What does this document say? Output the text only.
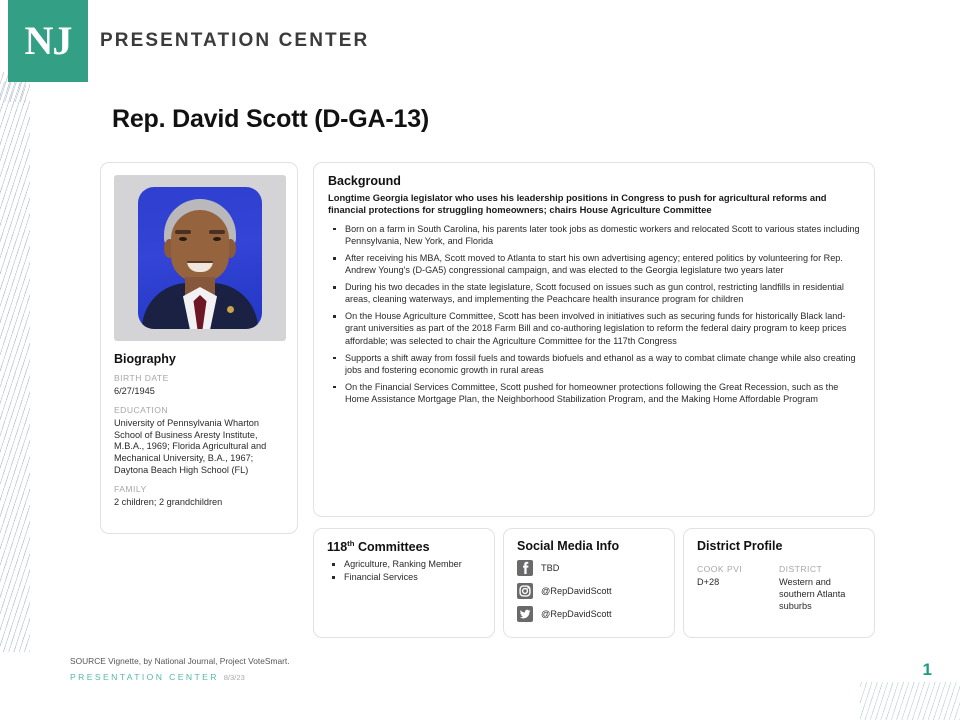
NJ PRESENTATION CENTER
Rep. David Scott (D-GA-13)
Biography
BIRTH DATE
6/27/1945
EDUCATION
University of Pennsylvania Wharton School of Business Aresty Institute, M.B.A., 1969; Florida Agricultural and Mechanical University, B.A., 1967; Daytona Beach High School (FL)
FAMILY
2 children; 2 grandchildren
Background
Longtime Georgia legislator who uses his leadership positions in Congress to push for agricultural reforms and financial protections for struggling homeowners; chairs House Agriculture Committee
Born on a farm in South Carolina, his parents later took jobs as domestic workers and relocated Scott to various states including Pennsylvania, New York, and Florida
After receiving his MBA, Scott moved to Atlanta to start his own advertising agency; entered politics by volunteering for Rep. Andrew Young's (D-GA5) congressional campaign, and was elected to the Georgia legislature two years later
During his two decades in the state legislature, Scott focused on issues such as gun control, restricting landfills in residential areas, cleaning waterways, and implementing the Peachcare health insurance program for children
On the House Agriculture Committee, Scott has been involved in initiatives such as securing funds for historically Black land-grant universities as part of the 2018 Farm Bill and co-authoring legislation to reform the federal dairy program to keep prices affordable; was selected to chair the Agriculture Committee for the 117th Congress
Supports a shift away from fossil fuels and towards biofuels and ethanol as a way to combat climate change while also creating jobs and fostering economic growth in rural areas
On the Financial Services Committee, Scott pushed for homeowner protections following the Great Recession, such as the Home Assistance Mortgage Plan, the Neighborhood Stabilization Program, and the Making Home Affordable Program
118th Committees
Agriculture, Ranking Member
Financial Services
Social Media Info
TBD
@RepDavidScott
@RepDavidScott
District Profile
COOK PVI
D+28
DISTRICT
Western and southern Atlanta suburbs
SOURCE Vignette, by National Journal, Project VoteSmart.
PRESENTATION CENTER 8/3/23	1
